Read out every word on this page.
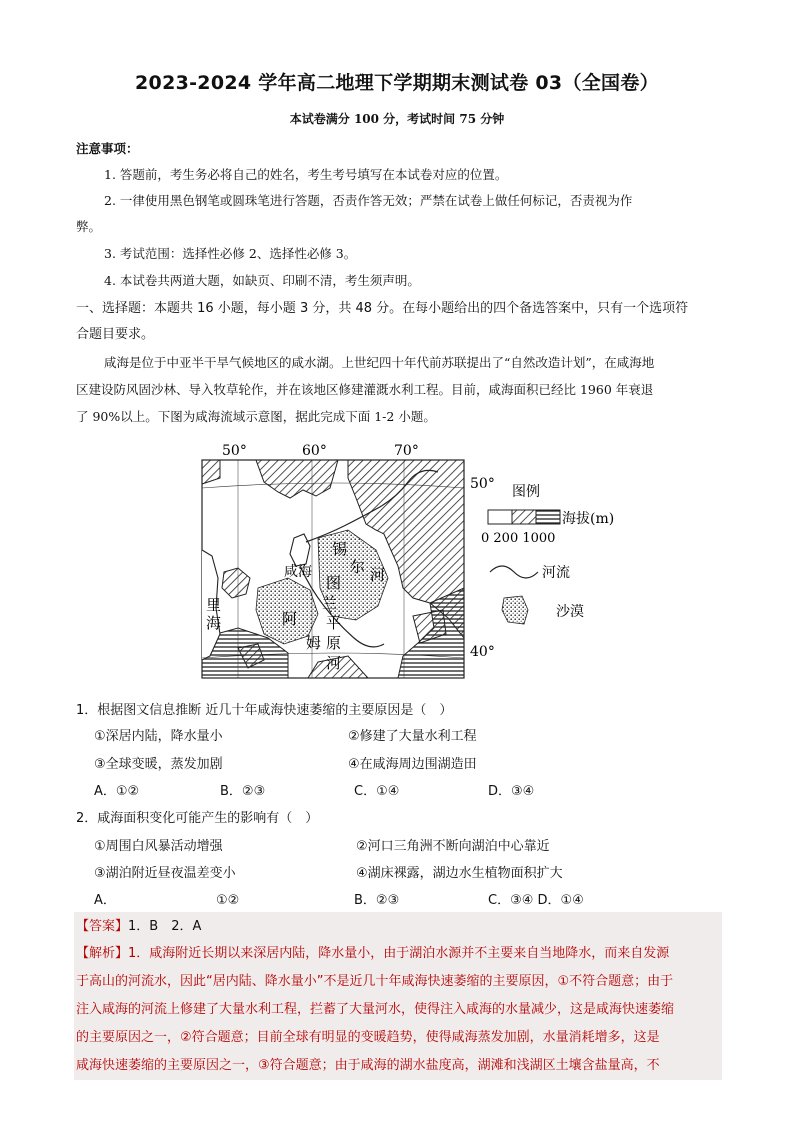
2023-2024 学年高二地理下学期期末测试卷 03（全国卷）
本试卷满分 100 分，考试时间 75 分钟
注意事项：
1. 答题前，考生务必将自己的姓名，考生考号填写在本试卷对应的位置。
2. 一律使用黑色钢笔或圆珠笔进行答题，否责作答无效；严禁在试卷上做任何标记，否责视为作
弊。
3. 考试范围：选择性必修 2、选择性必修 3。
4. 本试卷共两道大题，如缺页、印刷不清，考生须声明。
一、选择题：本题共 16 小题，每小题 3 分，共 48 分。在每小题给出的四个备选答案中，只有一个选项符
合题目要求。
咸海是位于中亚半干旱气候地区的咸水湖。上世纪四十年代前苏联提出了“自然改造计划”，在咸海地
区建设防风固沙林、导入牧草轮作，并在该地区修建灌溉水利工程。目前，咸海面积已经比 1960 年衰退
了 90%以上。下图为咸海流域示意图，据此完成下面 1-2 小题。
50°	60°	70°
50°
40°
锡
尔 河
咸海
图
兰
平
原
里
海	阿
姆
河
图例
海拔(m)
0 200 1000
河流
沙漠
1．根据图文信息推断 近几十年咸海快速萎缩的主要原因是（　）
①深居内陆，降水量小	②修建了大量水利工程
③全球变暖，蒸发加剧	④在咸海周边围湖造田
A．①②	B．②③	C．①④	D．③④
2．咸海面积变化可能产生的影响有（　）
①周围白风暴活动增强	②河口三角洲不断向湖泊中心靠近
③湖泊附近昼夜温差变小	④湖床裸露，湖边水生植物面积扩大
A．	①②	B．②③	C．③④ D．①④
【答案】1．B　2．A
【解析】1．咸海附近长期以来深居内陆，降水量小，由于湖泊水源并不主要来自当地降水，而来自发源
于高山的河流水，因此“居内陆、降水量小”不是近几十年咸海快速萎缩的主要原因，①不符合题意；由于
注入咸海的河流上修建了大量水利工程，拦蓄了大量河水，使得注入咸海的水量减少，这是咸海快速萎缩
的主要原因之一，②符合题意；目前全球有明显的变暖趋势，使得咸海蒸发加剧，水量消耗增多，这是
咸海快速萎缩的主要原因之一，③符合题意；由于咸海的湖水盐度高，湖滩和浅湖区土壤含盐量高，不
